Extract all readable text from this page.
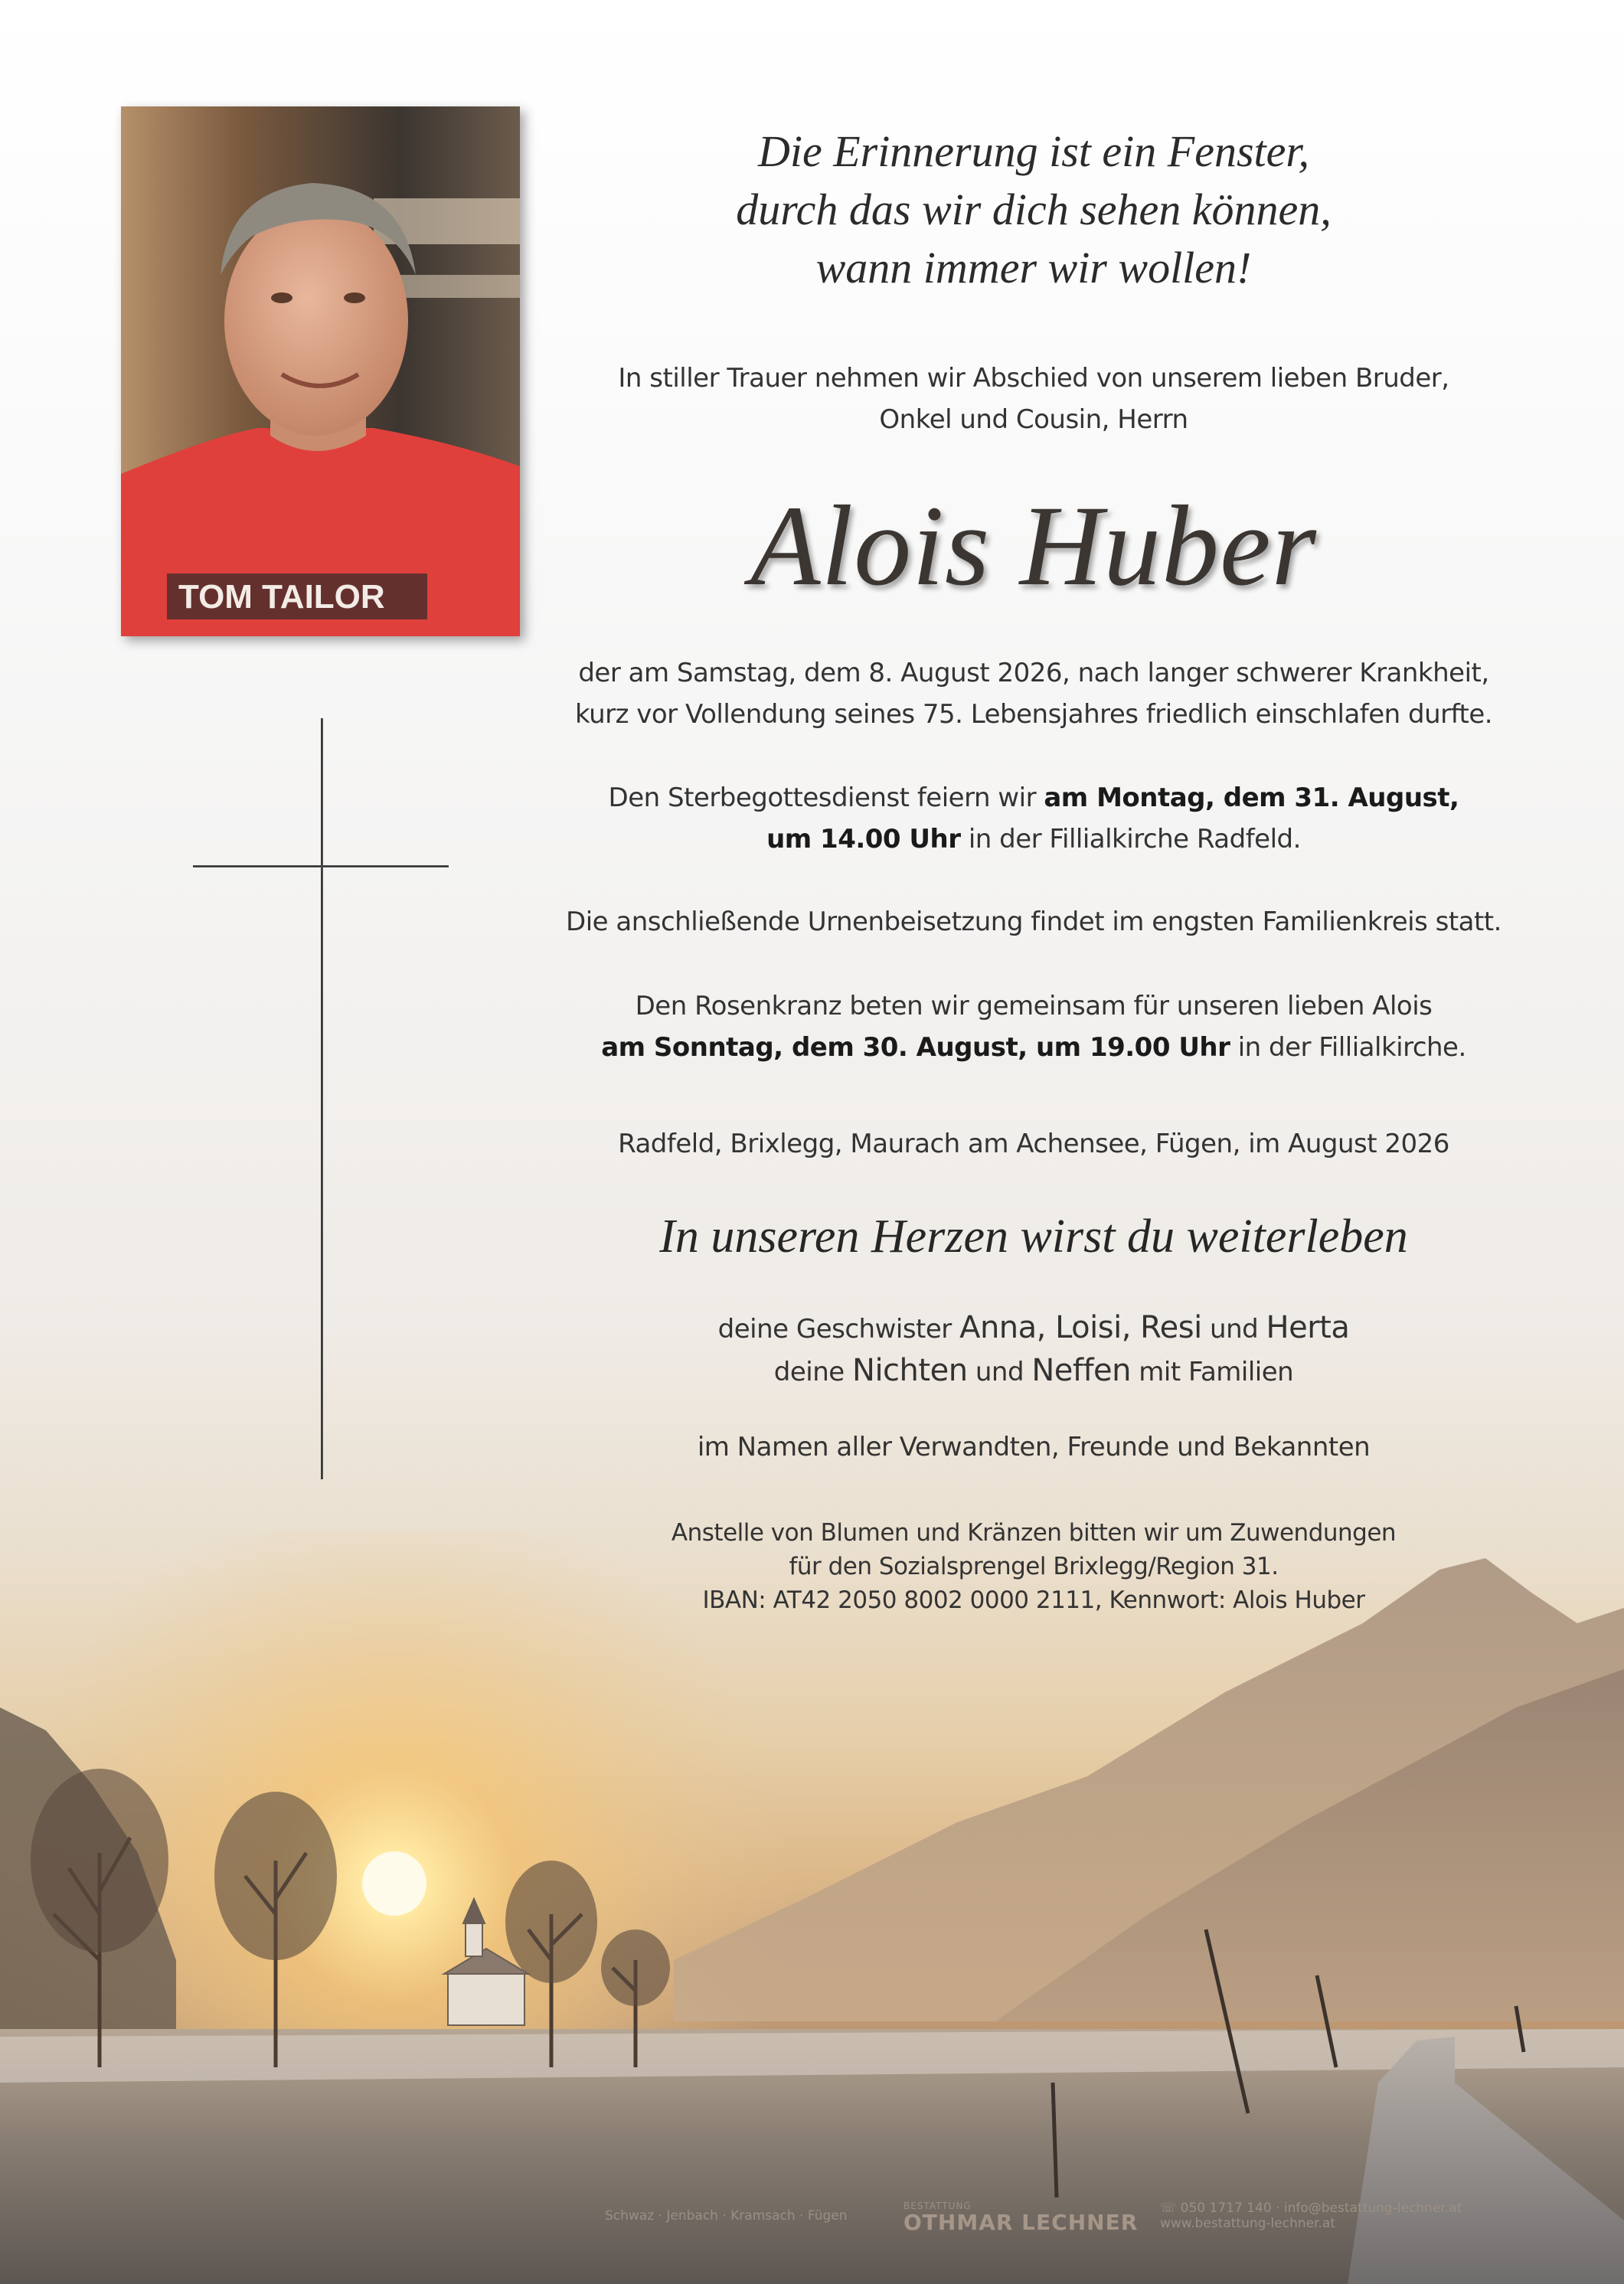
TOM TAILOR
Die Erinnerung ist ein Fenster,
durch das wir dich sehen können,
wann immer wir wollen!
In stiller Trauer nehmen wir Abschied von unserem lieben Bruder,
Onkel und Cousin, Herrn
Alois Huber
der am Samstag, dem 8. August 2026, nach langer schwerer Krankheit,
kurz vor Vollendung seines 75. Lebensjahres friedlich einschlafen durfte.
Den Sterbegottesdienst feiern wir am Montag, dem 31. August,
um 14.00 Uhr in der Fillialkirche Radfeld.
Die anschließende Urnenbeisetzung findet im engsten Familienkreis statt.
Den Rosenkranz beten wir gemeinsam für unseren lieben Alois
am Sonntag, dem 30. August, um 19.00 Uhr in der Fillialkirche.
Radfeld, Brixlegg, Maurach am Achensee, Fügen, im August 2026
In unseren Herzen wirst du weiterleben
deine Geschwister Anna, Loisi, Resi und Herta
deine Nichten und Neffen mit Familien
im Namen aller Verwandten, Freunde und Bekannten
Anstelle von Blumen und Kränzen bitten wir um Zuwendungen
für den Sozialsprengel Brixlegg/Region 31.
IBAN: AT42 2050 8002 0000 2111, Kennwort: Alois Huber
Schwaz · Jenbach · Kramsach · Fügen
BESTATTUNG
OTHMAR LECHNER
☏ 050 1717 140 · info@bestattung-lechner.at
www.bestattung-lechner.at
